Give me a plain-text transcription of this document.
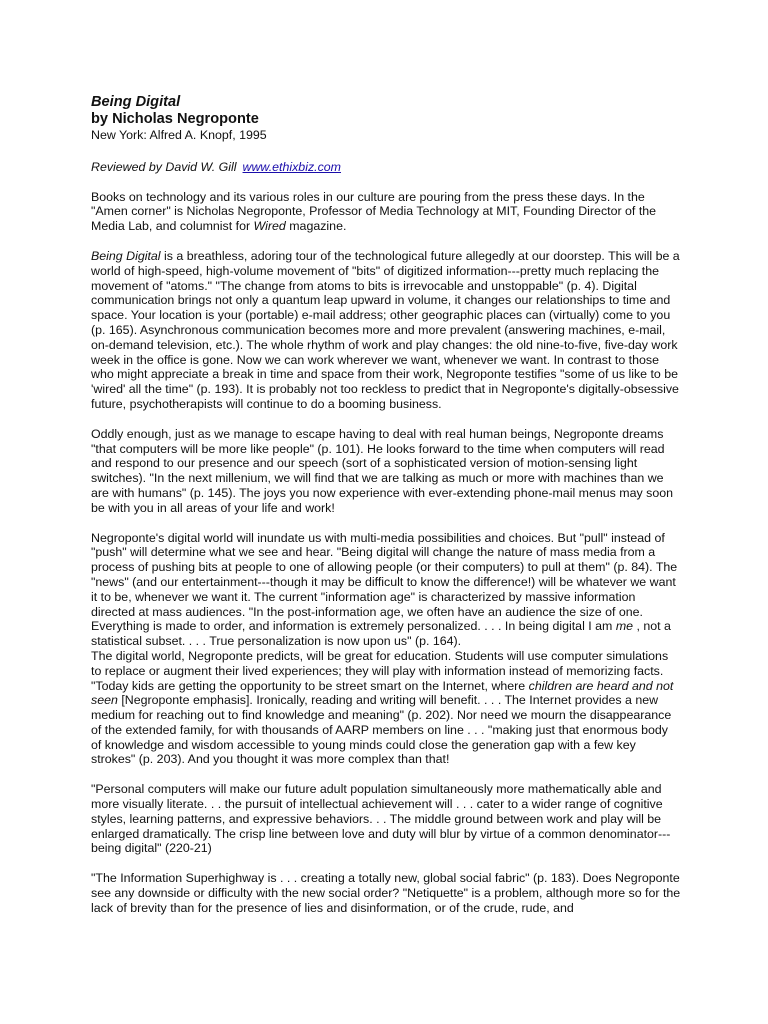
Being Digital

by Nicholas Negroponte

New York: Alfred A. Knopf, 1995

Reviewed by David W. Gill www.ethixbiz.com

Books on technology and its various roles in our culture are pouring from the press these days. In the "Amen corner" is Nicholas Negroponte, Professor of Media Technology at MIT, Founding Director of the Media Lab, and columnist for Wired magazine.

Being Digital is a breathless, adoring tour of the technological future allegedly at our doorstep. This will be a world of high-speed, high-volume movement of "bits" of digitized information---pretty much replacing the movement of "atoms." "The change from atoms to bits is irrevocable and unstoppable" (p. 4). Digital communication brings not only a quantum leap upward in volume, it changes our relationships to time and space. Your location is your (portable) e-mail address; other geographic places can (virtually) come to you (p. 165). Asynchronous communication becomes more and more prevalent (answering machines, e-mail, on-demand television, etc.). The whole rhythm of work and play changes: the old nine-to-five, five-day work week in the office is gone. Now we can work wherever we want, whenever we want. In contrast to those who might appreciate a break in time and space from their work, Negroponte testifies "some of us like to be 'wired' all the time" (p. 193). It is probably not too reckless to predict that in Negroponte's digitally-obsessive future, psychotherapists will continue to do a booming business.

Oddly enough, just as we manage to escape having to deal with real human beings, Negroponte dreams "that computers will be more like people" (p. 101). He looks forward to the time when computers will read and respond to our presence and our speech (sort of a sophisticated version of motion-sensing light switches). "In the next millenium, we will find that we are talking as much or more with machines than we are with humans" (p. 145). The joys you now experience with ever-extending phone-mail menus may soon be with you in all areas of your life and work!

Negroponte's digital world will inundate us with multi-media possibilities and choices. But "pull" instead of "push" will determine what we see and hear. "Being digital will change the nature of mass media from a process of pushing bits at people to one of allowing people (or their computers) to pull at them" (p. 84). The "news" (and our entertainment---though it may be difficult to know the difference!) will be whatever we want it to be, whenever we want it. The current "information age" is characterized by massive information directed at mass audiences. "In the post-information age, we often have an audience the size of one. Everything is made to order, and information is extremely personalized. . . . In being digital I am me , not a statistical subset. . . . True personalization is now upon us" (p. 164).

The digital world, Negroponte predicts, will be great for education. Students will use computer simulations to replace or augment their lived experiences; they will play with information instead of memorizing facts. "Today kids are getting the opportunity to be street smart on the Internet, where children are heard and not seen [Negroponte emphasis]. Ironically, reading and writing will benefit. . . . The Internet provides a new medium for reaching out to find knowledge and meaning" (p. 202). Nor need we mourn the disappearance of the extended family, for with thousands of AARP members on line . . . "making just that enormous body of knowledge and wisdom accessible to young minds could close the generation gap with a few key strokes" (p. 203). And you thought it was more complex than that!

"Personal computers will make our future adult population simultaneously more mathematically able and more visually literate. . . the pursuit of intellectual achievement will . . . cater to a wider range of cognitive styles, learning patterns, and expressive behaviors. . . The middle ground between work and play will be enlarged dramatically. The crisp line between love and duty will blur by virtue of a common denominator---being digital" (220-21)

"The Information Superhighway is . . . creating a totally new, global social fabric" (p. 183). Does Negroponte see any downside or difficulty with the new social order? "Netiquette" is a problem, although more so for the lack of brevity than for the presence of lies and disinformation, or of the crude, rude, and
